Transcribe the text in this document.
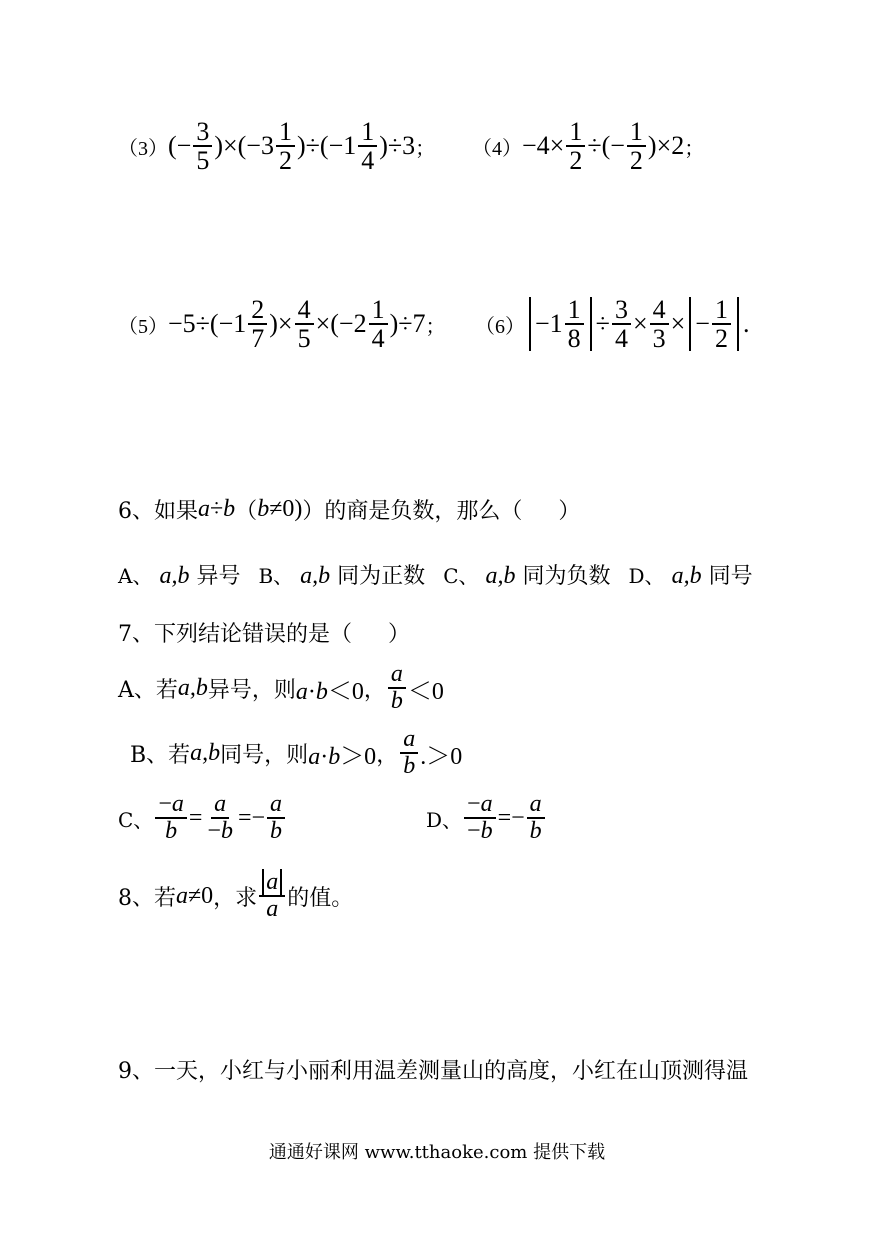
（3） (− $\frac{3}{5} )\times(-3 \frac{1}{2} )\div(-1 \frac{1}{4} )\div 3$ ； $(4) -4\times \frac{1}{2}$ ÷(− $\frac{1}{2} )\times 2$ ；
$(5) -5\div(-1 \frac{2}{7}$ )× $\frac{4}{5} \times(-2 \frac{1}{4} )\div 7$ ； $(6) -1 \frac{1}{8} \div \frac{3}{4} \times \frac{4}{3}$ × − $\frac{1}{2}$ .
6、如果 a÷b （ b≠0) ）的商是负数，那么（ ）
A、 a,b 异号 B、 a,b 同为正数 C、 a,b 同为负数 D、 a,b 同号
7、下列结论错误的是（ ）
A、若 a,b 异号，则 a·b＜0 ， $\frac{a}{b} <0$
B、若 a,b 同号，则 a·b＞0 ， $\frac{a}{b} .>0$
C、 $\frac{-a}{b} = \frac{a}{-b} =- \frac{a}{b}$	D、 $\frac{-a}{-b} =- \frac{a}{b}$
8、若 a≠0 ，求 $\frac{a}{a}$ 的值。
9、一天，小红与小丽利用温差测量山的高度，小红在山顶测得温
通通好课网 www.tthaoke.com 提供下载
